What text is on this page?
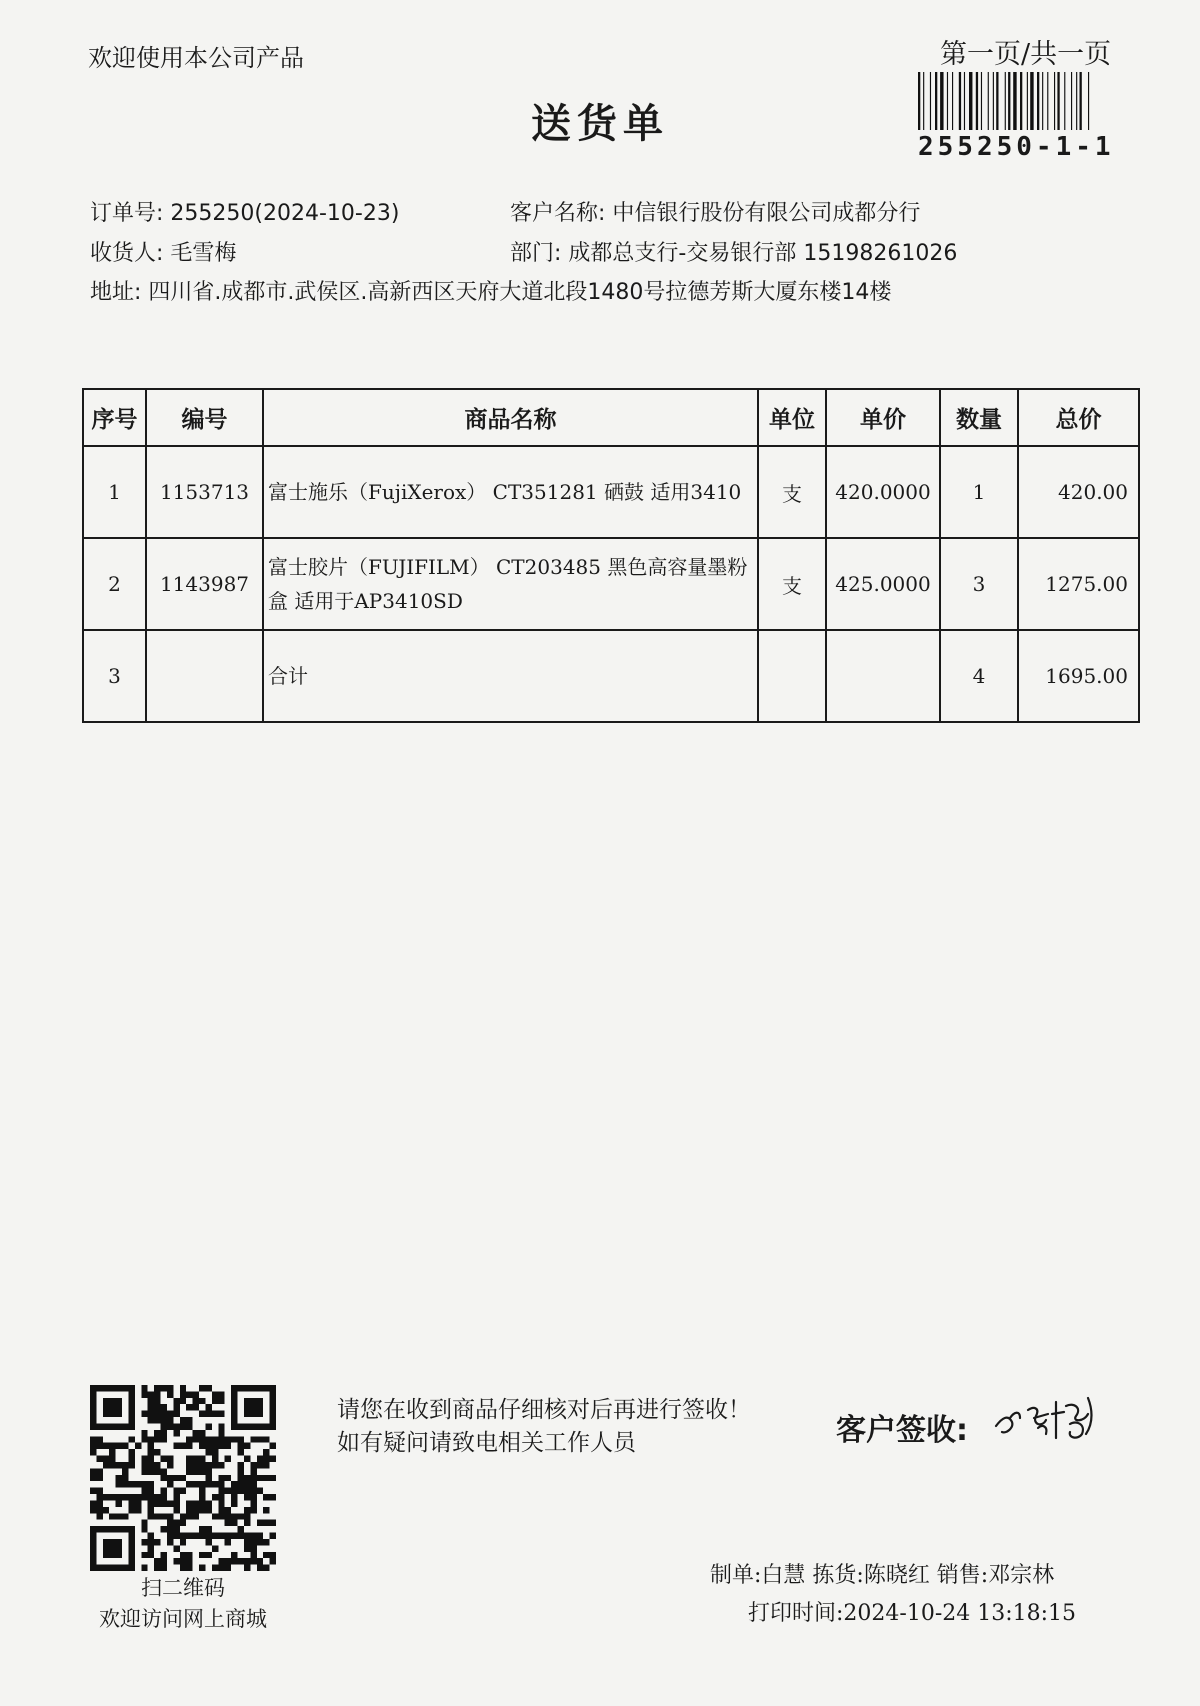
欢迎使用本公司产品	第一页/共一页
255250-1-1
送货单
订单号: 255250(2024-10-23)	客户名称: 中信银行股份有限公司成都分行
收货人: 毛雪梅	部门: 成都总支行-交易银行部 15198261026
地址: 四川省.成都市.武侯区.高新西区天府大道北段1480号拉德芳斯大厦东楼14楼
序号	编号	商品名称	单位	单价	数量	总价
1	1153713	富士施乐（FujiXerox） CT351281 硒鼓 适用3410	支	420.0000	1	420.00
2	1143987	富士胶片（FUJIFILM） CT203485 黑色高容量墨粉盒 适用于AP3410SD	支	425.0000	3	1275.00
3		合计			4	1695.00
扫二维码
欢迎访问网上商城
请您在收到商品仔细核对后再进行签收！如有疑问请致电相关工作人员	客户签收:
制单:白慧 拣货:陈晓红 销售:邓宗林
打印时间:2024-10-24 13:18:15
